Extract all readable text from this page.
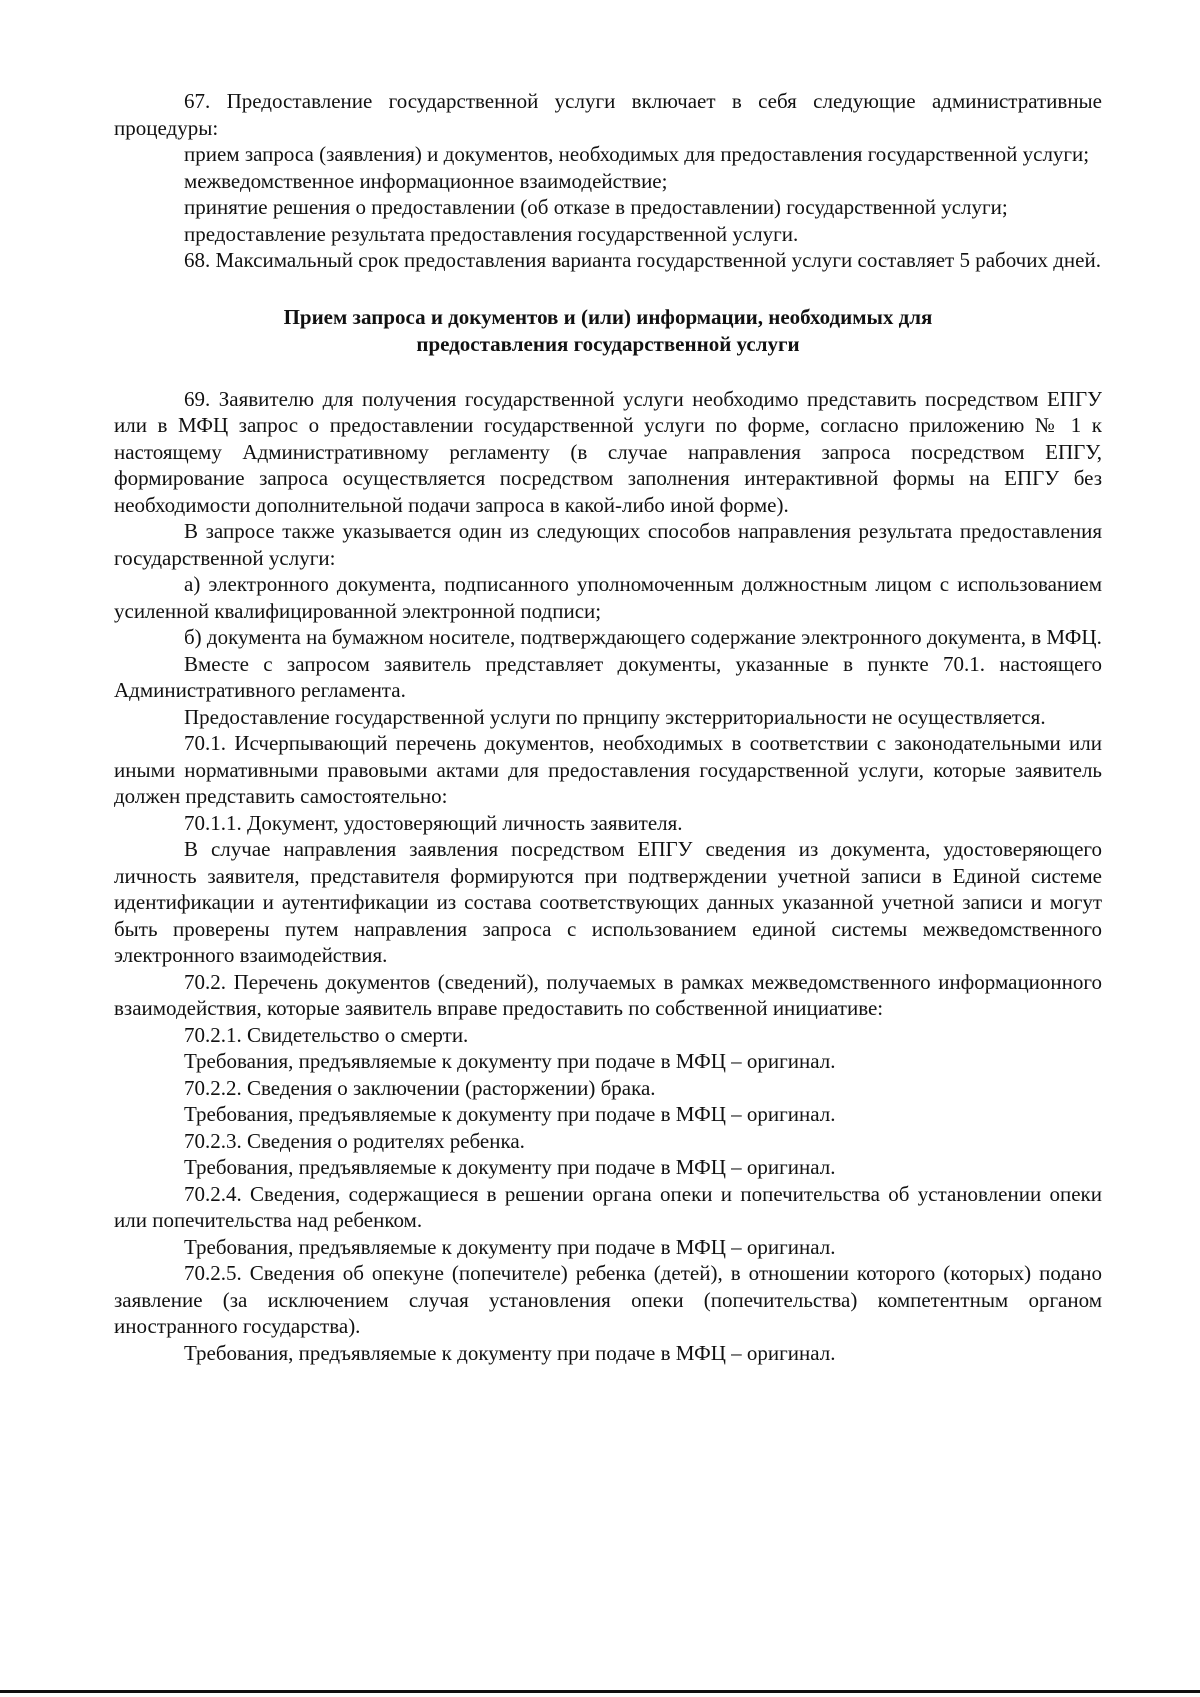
67. Предоставление государственной услуги включает в себя следующие административные процедуры:

прием запроса (заявления) и документов, необходимых для предоставления государственной услуги;

межведомственное информационное взаимодействие;

принятие решения о предоставлении (об отказе в предоставлении) государственной услуги;

предоставление результата предоставления государственной услуги.

68. Максимальный срок предоставления варианта государственной услуги составляет 5 рабочих дней.

Прием запроса и документов и (или) информации, необходимых для
предоставления государственной услуги

69. Заявителю для получения государственной услуги необходимо представить посредством ЕПГУ или в МФЦ запрос о предоставлении государственной услуги по форме, согласно приложению № 1 к настоящему Административному регламенту (в случае направления запроса посредством ЕПГУ, формирование запроса осуществляется посредством заполнения интерактивной формы на ЕПГУ без необходимости дополнительной подачи запроса в какой-либо иной форме).

В запросе также указывается один из следующих способов направления результата предоставления государственной услуги:

а) электронного документа, подписанного уполномоченным должностным лицом с использованием усиленной квалифицированной электронной подписи;

б) документа на бумажном носителе, подтверждающего содержание электронного документа, в МФЦ.

Вместе с запросом заявитель представляет документы, указанные в пункте 70.1. настоящего Административного регламента.

Предоставление государственной услуги по прнципу экстерриториальности не осуществляется.

70.1. Исчерпывающий перечень документов, необходимых в соответствии с законодательными или иными нормативными правовыми актами для предоставления государственной услуги, которые заявитель должен представить самостоятельно:

70.1.1. Документ, удостоверяющий личность заявителя.

В случае направления заявления посредством ЕПГУ сведения из документа, удостоверяющего личность заявителя, представителя формируются при подтверждении учетной записи в Единой системе идентификации и аутентификации из состава соответствующих данных указанной учетной записи и могут быть проверены путем направления запроса с использованием единой системы межведомственного электронного взаимодействия.

70.2. Перечень документов (сведений), получаемых в рамках межведомственного информационного взаимодействия, которые заявитель вправе предоставить по собственной инициативе:

70.2.1. Свидетельство о смерти.

Требования, предъявляемые к документу при подаче в МФЦ – оригинал.

70.2.2. Сведения о заключении (расторжении) брака.

Требования, предъявляемые к документу при подаче в МФЦ – оригинал.

70.2.3. Сведения о родителях ребенка.

Требования, предъявляемые к документу при подаче в МФЦ – оригинал.

70.2.4. Сведения, содержащиеся в решении органа опеки и попечительства об установлении опеки или попечительства над ребенком.

Требования, предъявляемые к документу при подаче в МФЦ – оригинал.

70.2.5. Сведения об опекуне (попечителе) ребенка (детей), в отношении которого (которых) подано заявление (за исключением случая установления опеки (попечительства) компетентным органом иностранного государства).

Требования, предъявляемые к документу при подаче в МФЦ – оригинал.
